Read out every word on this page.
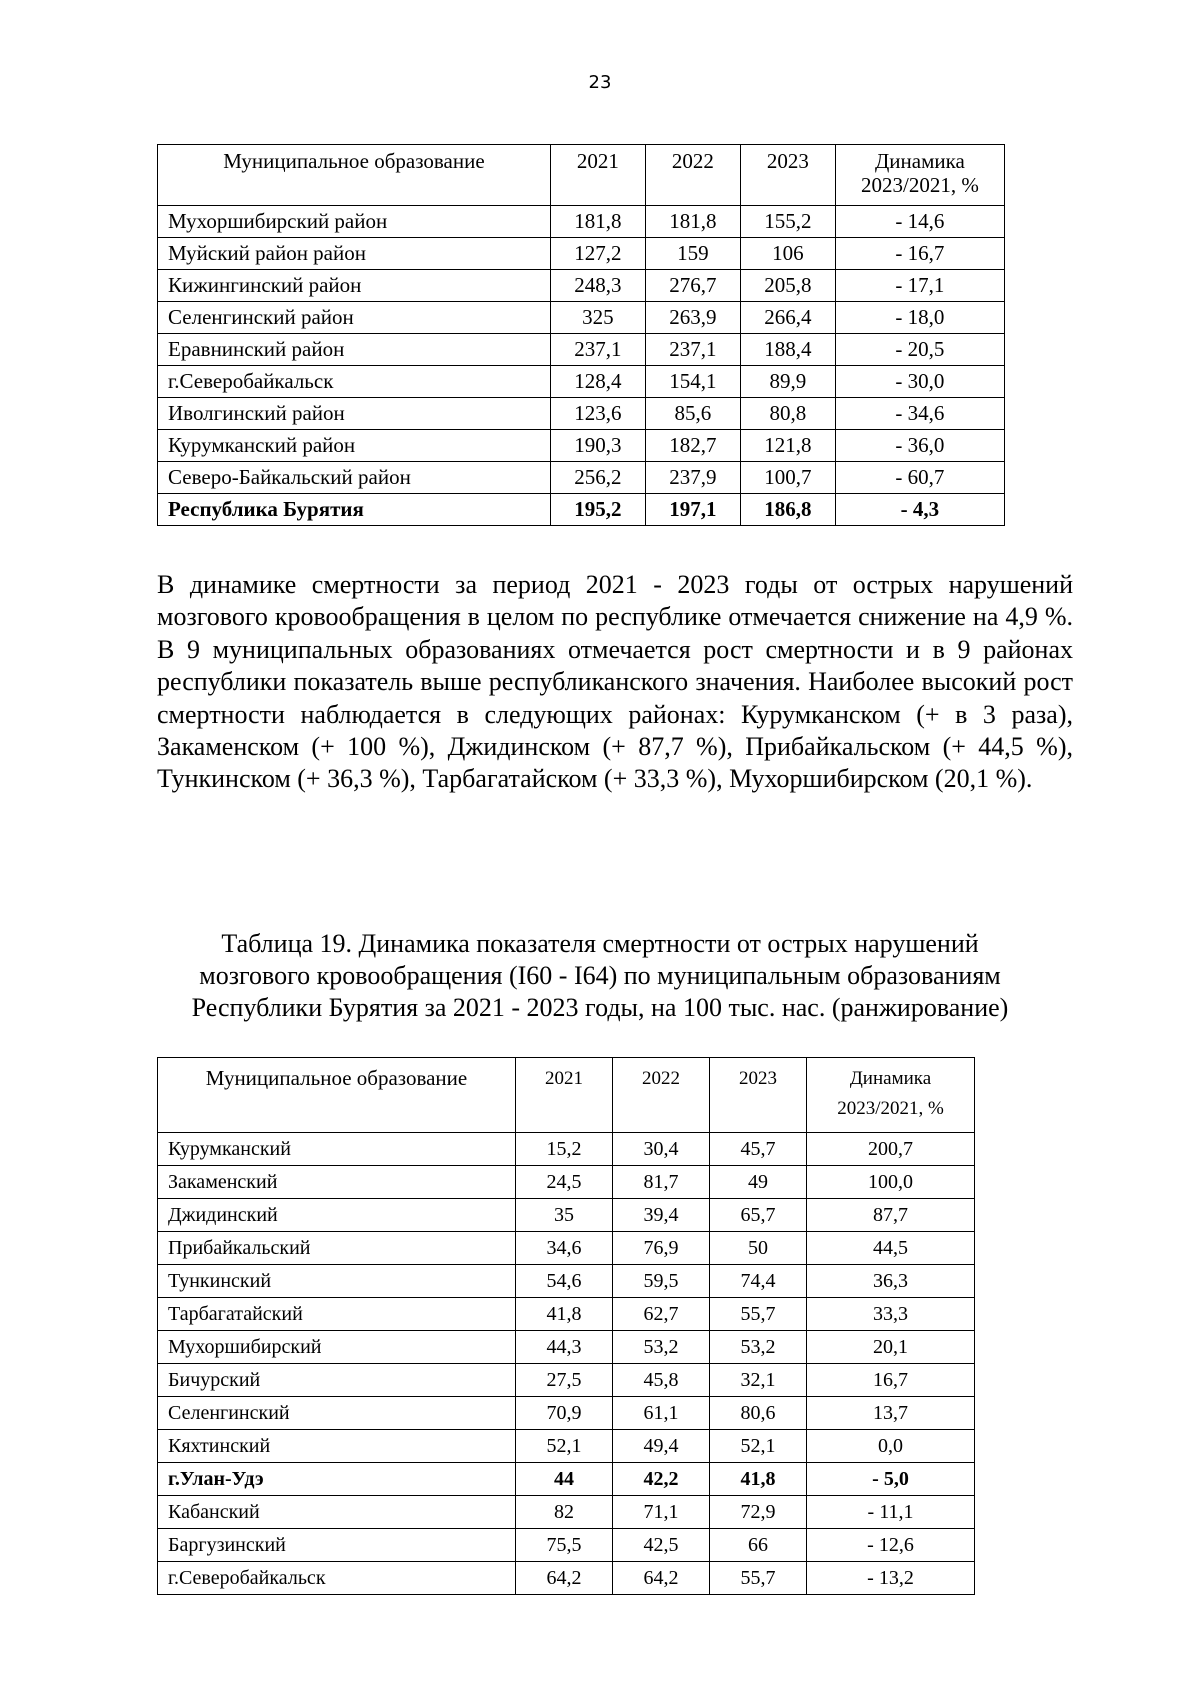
23
Муниципальное образование	2021	2022	2023	Динамика
2023/2021, %
Мухоршибирский район	181,8	181,8	155,2	- 14,6
Муйский район район	127,2	159	106	- 16,7
Кижингинский район	248,3	276,7	205,8	- 17,1
Селенгинский район	325	263,9	266,4	- 18,0
Еравнинский район	237,1	237,1	188,4	- 20,5
г.Северобайкальск	128,4	154,1	89,9	- 30,0
Иволгинский район	123,6	85,6	80,8	- 34,6
Курумканский район	190,3	182,7	121,8	- 36,0
Северо-Байкальский район	256,2	237,9	100,7	- 60,7
Республика Бурятия	195,2	197,1	186,8	- 4,3

В динамике смертности за период 2021 - 2023 годы от острых нарушений мозгового кровообращения в целом по республике отмечается снижение на 4,9 %. В 9 муниципальных образованиях отмечается рост смертности и в 9 районах республики показатель выше республиканского значения. Наиболее высокий рост смертности наблюдается в следующих районах: Курумканском (+ в 3 раза), Закаменском (+ 100 %), Джидинском (+ 87,7 %), Прибайкальском (+ 44,5 %), Тункинском (+ 36,3 %), Тарбагатайском (+ 33,3 %), Мухоршибирском (20,1 %).

Таблица 19. Динамика показателя смертности от острых нарушений
мозгового кровообращения (I60 - I64) по муниципальным образованиям
Республики Бурятия за 2021 - 2023 годы, на 100 тыс. нас. (ранжирование)

Муниципальное образование	2021	2022	2023	Динамика
2023/2021, %
Курумканский	15,2	30,4	45,7	200,7
Закаменский	24,5	81,7	49	100,0
Джидинский	35	39,4	65,7	87,7
Прибайкальский	34,6	76,9	50	44,5
Тункинский	54,6	59,5	74,4	36,3
Тарбагатайский	41,8	62,7	55,7	33,3
Мухоршибирский	44,3	53,2	53,2	20,1
Бичурский	27,5	45,8	32,1	16,7
Селенгинский	70,9	61,1	80,6	13,7
Кяхтинский	52,1	49,4	52,1	0,0
г.Улан-Удэ	44	42,2	41,8	- 5,0
Кабанский	82	71,1	72,9	- 11,1
Баргузинский	75,5	42,5	66	- 12,6
г.Северобайкальск	64,2	64,2	55,7	- 13,2
